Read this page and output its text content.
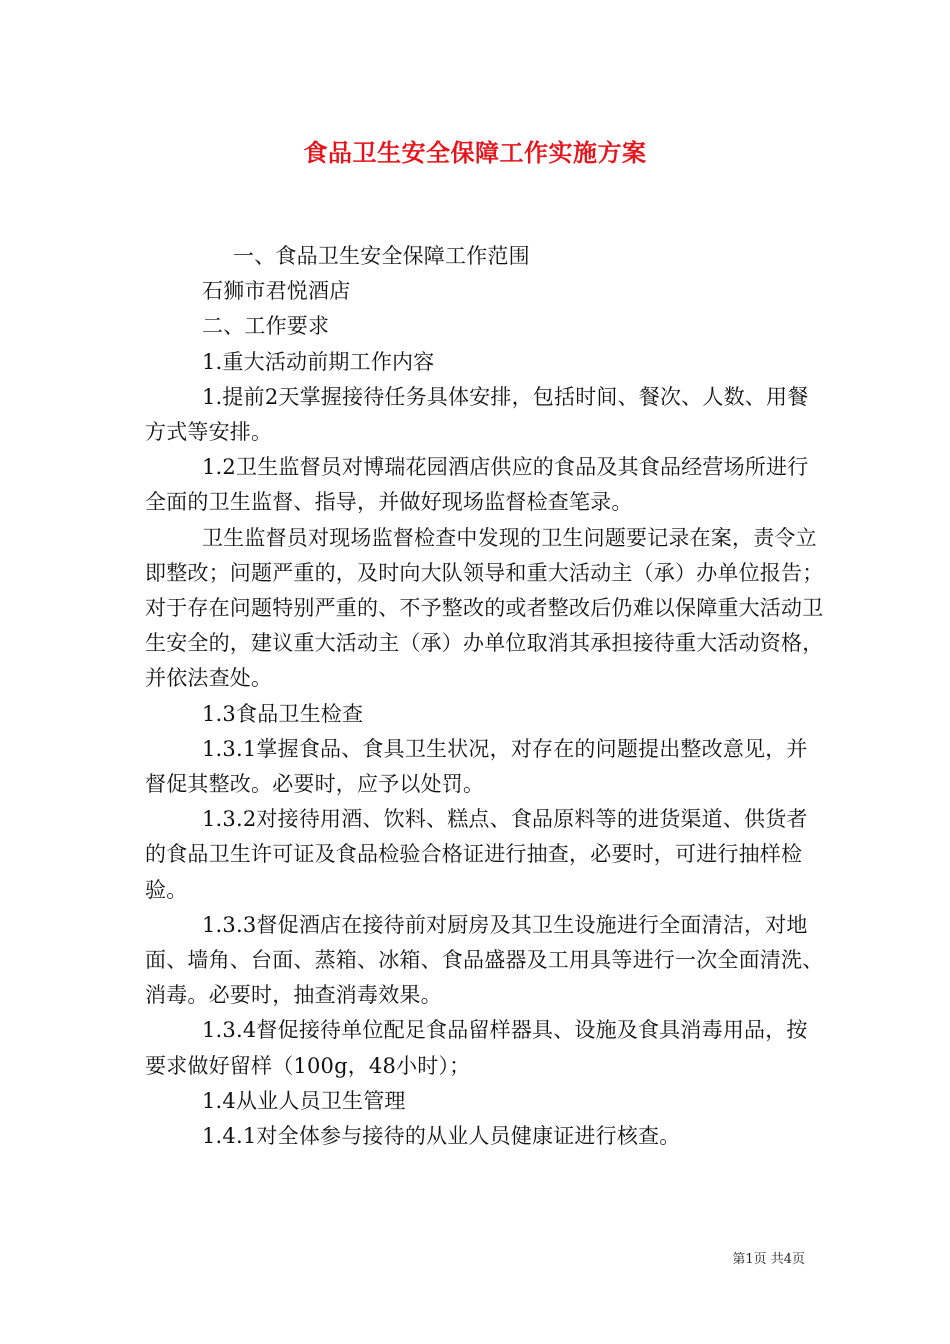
食品卫生安全保障工作实施方案

一、食品卫生安全保障工作范围

石狮市君悦酒店

二、工作要求

1.重大活动前期工作内容

1.提前2天掌握接待任务具体安排，包括时间、餐次、人数、用餐方式等安排。

1.2卫生监督员对博瑞花园酒店供应的食品及其食品经营场所进行全面的卫生监督、指导，并做好现场监督检查笔录。

卫生监督员对现场监督检查中发现的卫生问题要记录在案，责令立即整改；问题严重的，及时向大队领导和重大活动主（承）办单位报告；对于存在问题特别严重的、不予整改的或者整改后仍难以保障重大活动卫生安全的，建议重大活动主（承）办单位取消其承担接待重大活动资格，并依法查处。

1.3食品卫生检查

1.3.1掌握食品、食具卫生状况，对存在的问题提出整改意见，并督促其整改。必要时，应予以处罚。

1.3.2对接待用酒、饮料、糕点、食品原料等的进货渠道、供货者的食品卫生许可证及食品检验合格证进行抽查，必要时，可进行抽样检验。

1.3.3督促酒店在接待前对厨房及其卫生设施进行全面清洁，对地面、墙角、台面、蒸箱、冰箱、食品盛器及工用具等进行一次全面清洗、消毒。必要时，抽查消毒效果。

1.3.4督促接待单位配足食品留样器具、设施及食具消毒用品，按要求做好留样（100g，48小时）；

1.4从业人员卫生管理

1.4.1对全体参与接待的从业人员健康证进行核查。

第1页 共4页
